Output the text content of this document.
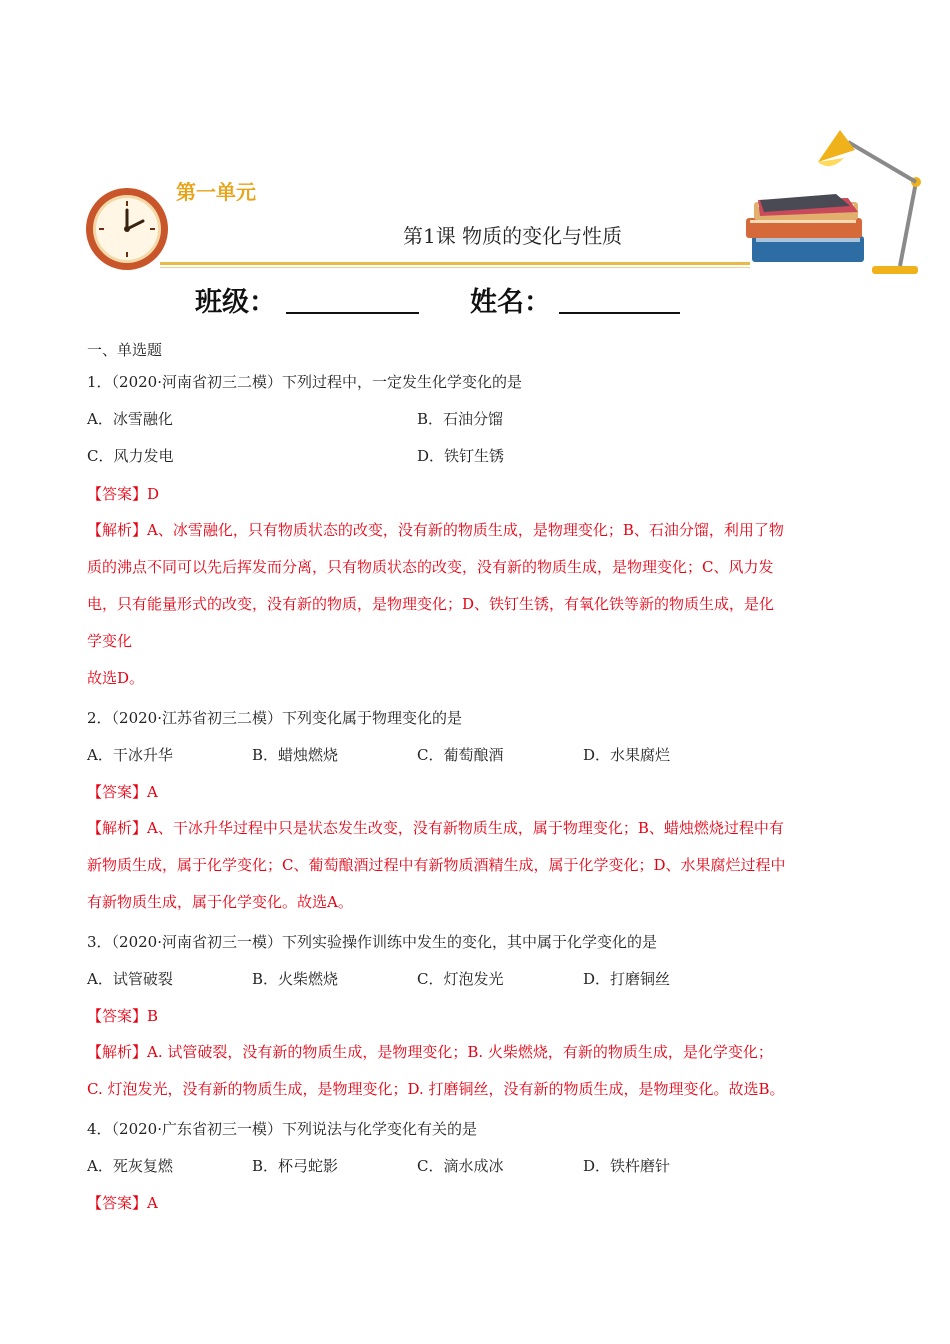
第一单元
第1课 物质的变化与性质
班级：	姓名：
一、单选题
1．（2020·河南省初三二模）下列过程中，一定发生化学变化的是
A．冰雪融化	B．石油分馏
C．风力发电	D．铁钉生锈
【答案】D
【解析】A、冰雪融化，只有物质状态的改变，没有新的物质生成，是物理变化；B、石油分馏，利用了物
质的沸点不同可以先后挥发而分离，只有物质状态的改变，没有新的物质生成，是物理变化；C、风力发
电，只有能量形式的改变，没有新的物质，是物理变化；D、铁钉生锈，有氧化铁等新的物质生成，是化
学变化
故选D。
2．（2020·江苏省初三二模）下列变化属于物理变化的是
A．干冰升华	B．蜡烛燃烧	C．葡萄酿酒	D．水果腐烂
【答案】A
【解析】A、干冰升华过程中只是状态发生改变，没有新物质生成，属于物理变化；B、蜡烛燃烧过程中有
新物质生成，属于化学变化；C、葡萄酿酒过程中有新物质酒精生成，属于化学变化；D、水果腐烂过程中
有新物质生成，属于化学变化。故选A。
3．（2020·河南省初三一模）下列实验操作训练中发生的变化，其中属于化学变化的是
A．试管破裂	B．火柴燃烧	C．灯泡发光	D．打磨铜丝
【答案】B
【解析】A. 试管破裂，没有新的物质生成，是物理变化；B. 火柴燃烧，有新的物质生成，是化学变化；
C. 灯泡发光，没有新的物质生成，是物理变化；D. 打磨铜丝，没有新的物质生成，是物理变化。故选B。
4．（2020·广东省初三一模）下列说法与化学变化有关的是
A．死灰复燃	B．杯弓蛇影	C．滴水成冰	D．铁杵磨针
【答案】A
